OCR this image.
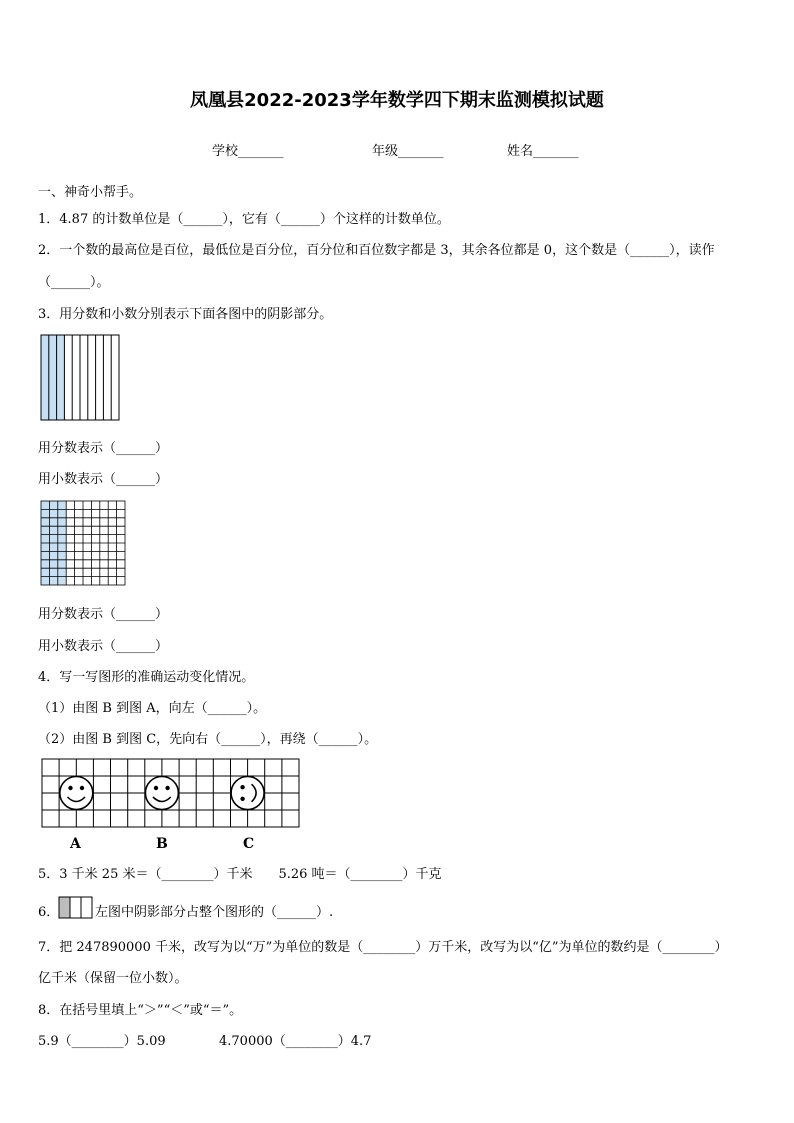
凤凰县2022-2023学年数学四下期末监测模拟试题
学校_______	年级_______	姓名_______
一、神奇小帮手。
1．4.87 的计数单位是（______），它有（______）个这样的计数单位。
2．一个数的最高位是百位，最低位是百分位，百分位和百位数字都是 3，其余各位都是 0，这个数是（______），读作
（______）。
3．用分数和小数分别表示下面各图中的阴影部分。
用分数表示（______）
用小数表示（______）
用分数表示（______）
用小数表示（______）
4．写一写图形的准确运动变化情况。
（1）由图 B 到图 A，向左（______）。
（2）由图 B 到图 C，先向右（______），再绕（______）。
A	B	C
5．3 千米 25 米＝（________）千米　　5.26 吨＝（________）千克
6．	左图中阴影部分占整个图形的（______）.
7．把 247890000 千米，改写为以“万”为单位的数是（________）万千米，改写为以“亿”为单位的数约是（________）
亿千米（保留一位小数）。
8．在括号里填上“＞”“＜”或“＝”。
5.9（________）5.09	4.70000（________）4.7
